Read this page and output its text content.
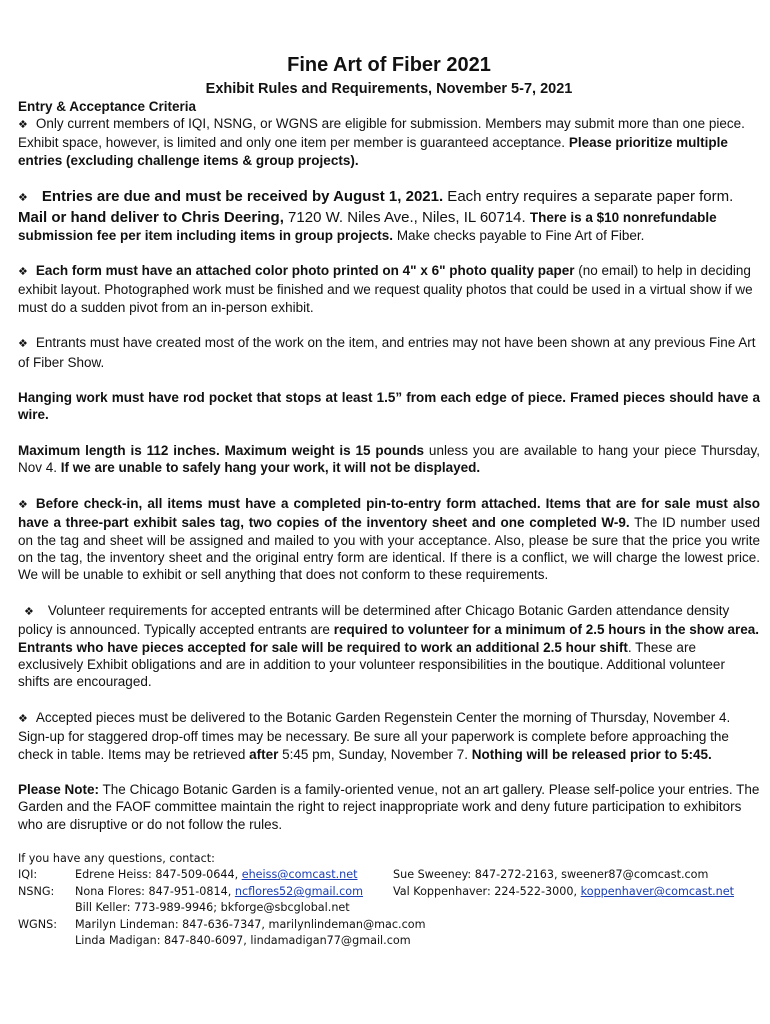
Fine Art of Fiber 2021
Exhibit Rules and Requirements, November 5-7, 2021
Entry & Acceptance Criteria

❖ Only current members of IQI, NSNG, or WGNS are eligible for submission. Members may submit more than one piece. Exhibit space, however, is limited and only one item per member is guaranteed acceptance. Please prioritize multiple entries (excluding challenge items & group projects).

❖ Entries are due and must be received by August 1, 2021. Each entry requires a separate paper form. Mail or hand deliver to Chris Deering, 7120 W. Niles Ave., Niles, IL 60714. There is a $10 nonrefundable submission fee per item including items in group projects. Make checks payable to Fine Art of Fiber.

❖ Each form must have an attached color photo printed on 4" x 6" photo quality paper (no email) to help in deciding exhibit layout. Photographed work must be finished and we request quality photos that could be used in a virtual show if we must do a sudden pivot from an in-person exhibit.

❖ Entrants must have created most of the work on the item, and entries may not have been shown at any previous Fine Art of Fiber Show.

Hanging work must have rod pocket that stops at least 1.5” from each edge of piece. Framed pieces should have a wire.

Maximum length is 112 inches. Maximum weight is 15 pounds unless you are available to hang your piece Thursday, Nov 4. If we are unable to safely hang your work, it will not be displayed.

❖ Before check-in, all items must have a completed pin-to-entry form attached. Items that are for sale must also have a three-part exhibit sales tag, two copies of the inventory sheet and one completed W-9. The ID number used on the tag and sheet will be assigned and mailed to you with your acceptance. Also, please be sure that the price you write on the tag, the inventory sheet and the original entry form are identical. If there is a conflict, we will charge the lowest price. We will be unable to exhibit or sell anything that does not conform to these requirements.

❖ Volunteer requirements for accepted entrants will be determined after Chicago Botanic Garden attendance density policy is announced. Typically accepted entrants are required to volunteer for a minimum of 2.5 hours in the show area. Entrants who have pieces accepted for sale will be required to work an additional 2.5 hour shift. These are exclusively Exhibit obligations and are in addition to your volunteer responsibilities in the boutique. Additional volunteer shifts are encouraged.

❖ Accepted pieces must be delivered to the Botanic Garden Regenstein Center the morning of Thursday, November 4. Sign-up for staggered drop-off times may be necessary. Be sure all your paperwork is complete before approaching the check in table. Items may be retrieved after 5:45 pm, Sunday, November 7. Nothing will be released prior to 5:45.

Please Note: The Chicago Botanic Garden is a family-oriented venue, not an art gallery. Please self-police your entries. The Garden and the FAOF committee maintain the right to reject inappropriate work and deny future participation to exhibitors who are disruptive or do not follow the rules.

If you have any questions, contact:
IQI:	Edrene Heiss: 847-509-0644, eheiss@comcast.net	Sue Sweeney: 847-272-2163, sweener87@comcast.com
NSNG: Nona Flores: 847-951-0814, ncflores52@gmail.com	Val Koppenhaver: 224-522-3000, koppenhaver@comcast.net
Bill Keller: 773-989-9946; bkforge@sbcglobal.net
WGNS: Marilyn Lindeman: 847-636-7347, marilynlindeman@mac.com
Linda Madigan: 847-840-6097, lindamadigan77@gmail.com
